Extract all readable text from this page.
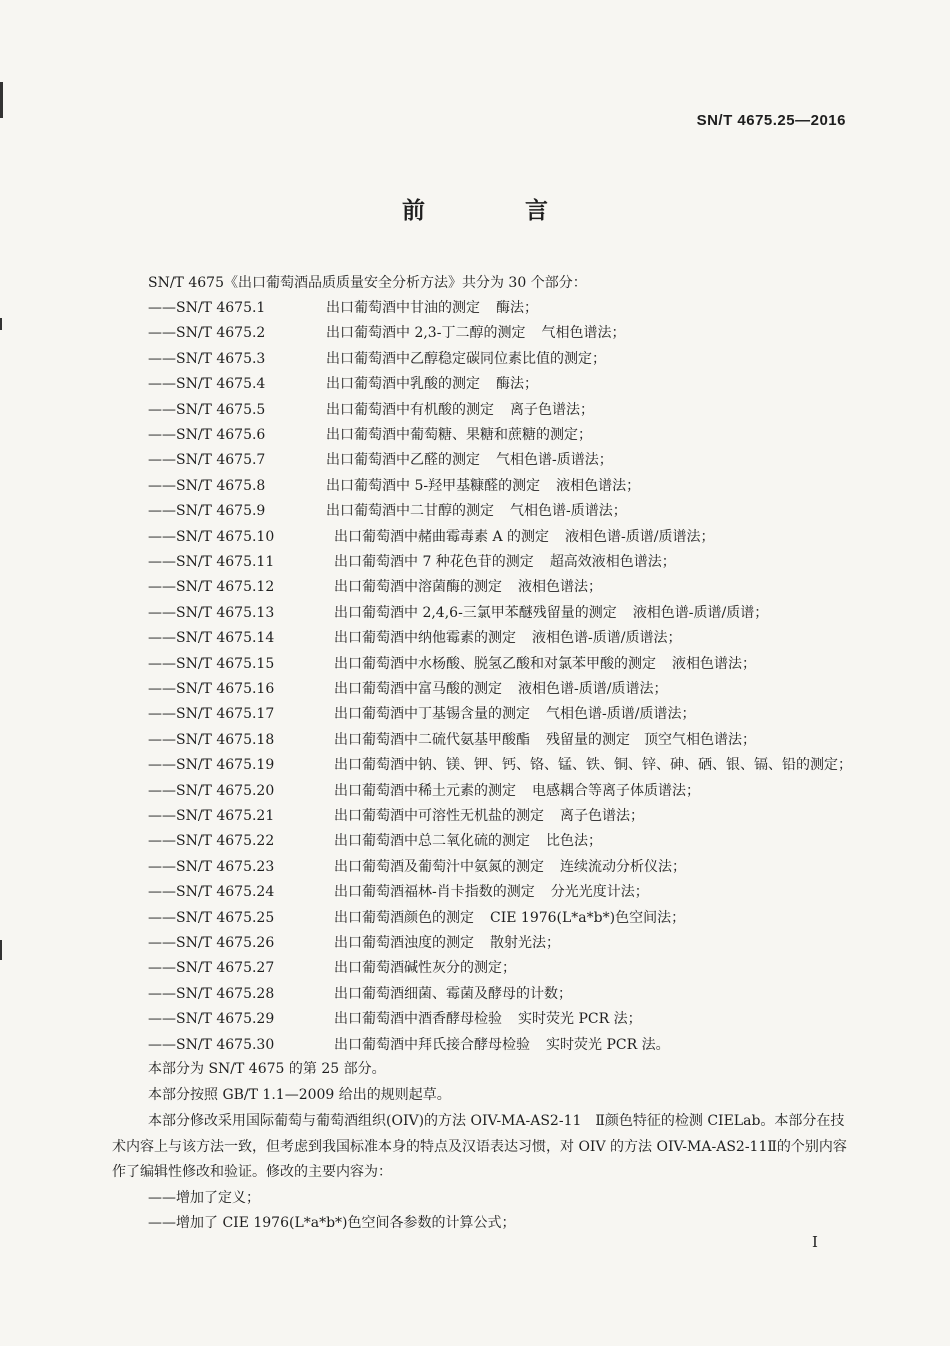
SN/T 4675.25—2016
前 言
SN/T 4675《出口葡萄酒品质质量安全分析方法》共分为 30 个部分：
——SN/T 4675.1	出口葡萄酒中甘油的测定 酶法；
——SN/T 4675.2	出口葡萄酒中 2,3-丁二醇的测定 气相色谱法；
——SN/T 4675.3	出口葡萄酒中乙醇稳定碳同位素比值的测定；
——SN/T 4675.4	出口葡萄酒中乳酸的测定 酶法；
——SN/T 4675.5	出口葡萄酒中有机酸的测定 离子色谱法；
——SN/T 4675.6	出口葡萄酒中葡萄糖、果糖和蔗糖的测定；
——SN/T 4675.7	出口葡萄酒中乙醛的测定 气相色谱-质谱法；
——SN/T 4675.8	出口葡萄酒中 5-羟甲基糠醛的测定 液相色谱法；
——SN/T 4675.9	出口葡萄酒中二甘醇的测定 气相色谱-质谱法；
——SN/T 4675.10	出口葡萄酒中赭曲霉毒素 A 的测定 液相色谱-质谱/质谱法；
——SN/T 4675.11	出口葡萄酒中 7 种花色苷的测定 超高效液相色谱法；
——SN/T 4675.12	出口葡萄酒中溶菌酶的测定 液相色谱法；
——SN/T 4675.13	出口葡萄酒中 2,4,6-三氯甲苯醚残留量的测定 液相色谱-质谱/质谱；
——SN/T 4675.14	出口葡萄酒中纳他霉素的测定 液相色谱-质谱/质谱法；
——SN/T 4675.15	出口葡萄酒中水杨酸、脱氢乙酸和对氯苯甲酸的测定 液相色谱法；
——SN/T 4675.16	出口葡萄酒中富马酸的测定 液相色谱-质谱/质谱法；
——SN/T 4675.17	出口葡萄酒中丁基锡含量的测定 气相色谱-质谱/质谱法；
——SN/T 4675.18	出口葡萄酒中二硫代氨基甲酸酯 残留量的测定　顶空气相色谱法；
——SN/T 4675.19	出口葡萄酒中钠、镁、钾、钙、铬、锰、铁、铜、锌、砷、硒、银、镉、铅的测定；
——SN/T 4675.20	出口葡萄酒中稀土元素的测定 电感耦合等离子体质谱法；
——SN/T 4675.21	出口葡萄酒中可溶性无机盐的测定 离子色谱法；
——SN/T 4675.22	出口葡萄酒中总二氧化硫的测定 比色法；
——SN/T 4675.23	出口葡萄酒及葡萄汁中氨氮的测定 连续流动分析仪法；
——SN/T 4675.24	出口葡萄酒福林-肖卡指数的测定 分光光度计法；
——SN/T 4675.25	出口葡萄酒颜色的测定 CIE 1976(L*a*b*)色空间法；
——SN/T 4675.26	出口葡萄酒浊度的测定 散射光法；
——SN/T 4675.27	出口葡萄酒碱性灰分的测定；
——SN/T 4675.28	出口葡萄酒细菌、霉菌及酵母的计数；
——SN/T 4675.29	出口葡萄酒中酒香酵母检验 实时荧光 PCR 法；
——SN/T 4675.30	出口葡萄酒中拜氏接合酵母检验 实时荧光 PCR 法。
本部分为 SN/T 4675 的第 25 部分。
本部分按照 GB/T 1.1—2009 给出的规则起草。
本部分修改采用国际葡萄与葡萄酒组织(OIV)的方法 OIV-MA-AS2-11　Ⅱ颜色特征的检测 CIELab。本部分在技术内容上与该方法一致，但考虑到我国标准本身的特点及汉语表达习惯，对 OIV 的方法 OIV-MA-AS2-11Ⅱ的个别内容作了编辑性修改和验证。修改的主要内容为：
——增加了定义；
——增加了 CIE 1976(L*a*b*)色空间各参数的计算公式；
I
